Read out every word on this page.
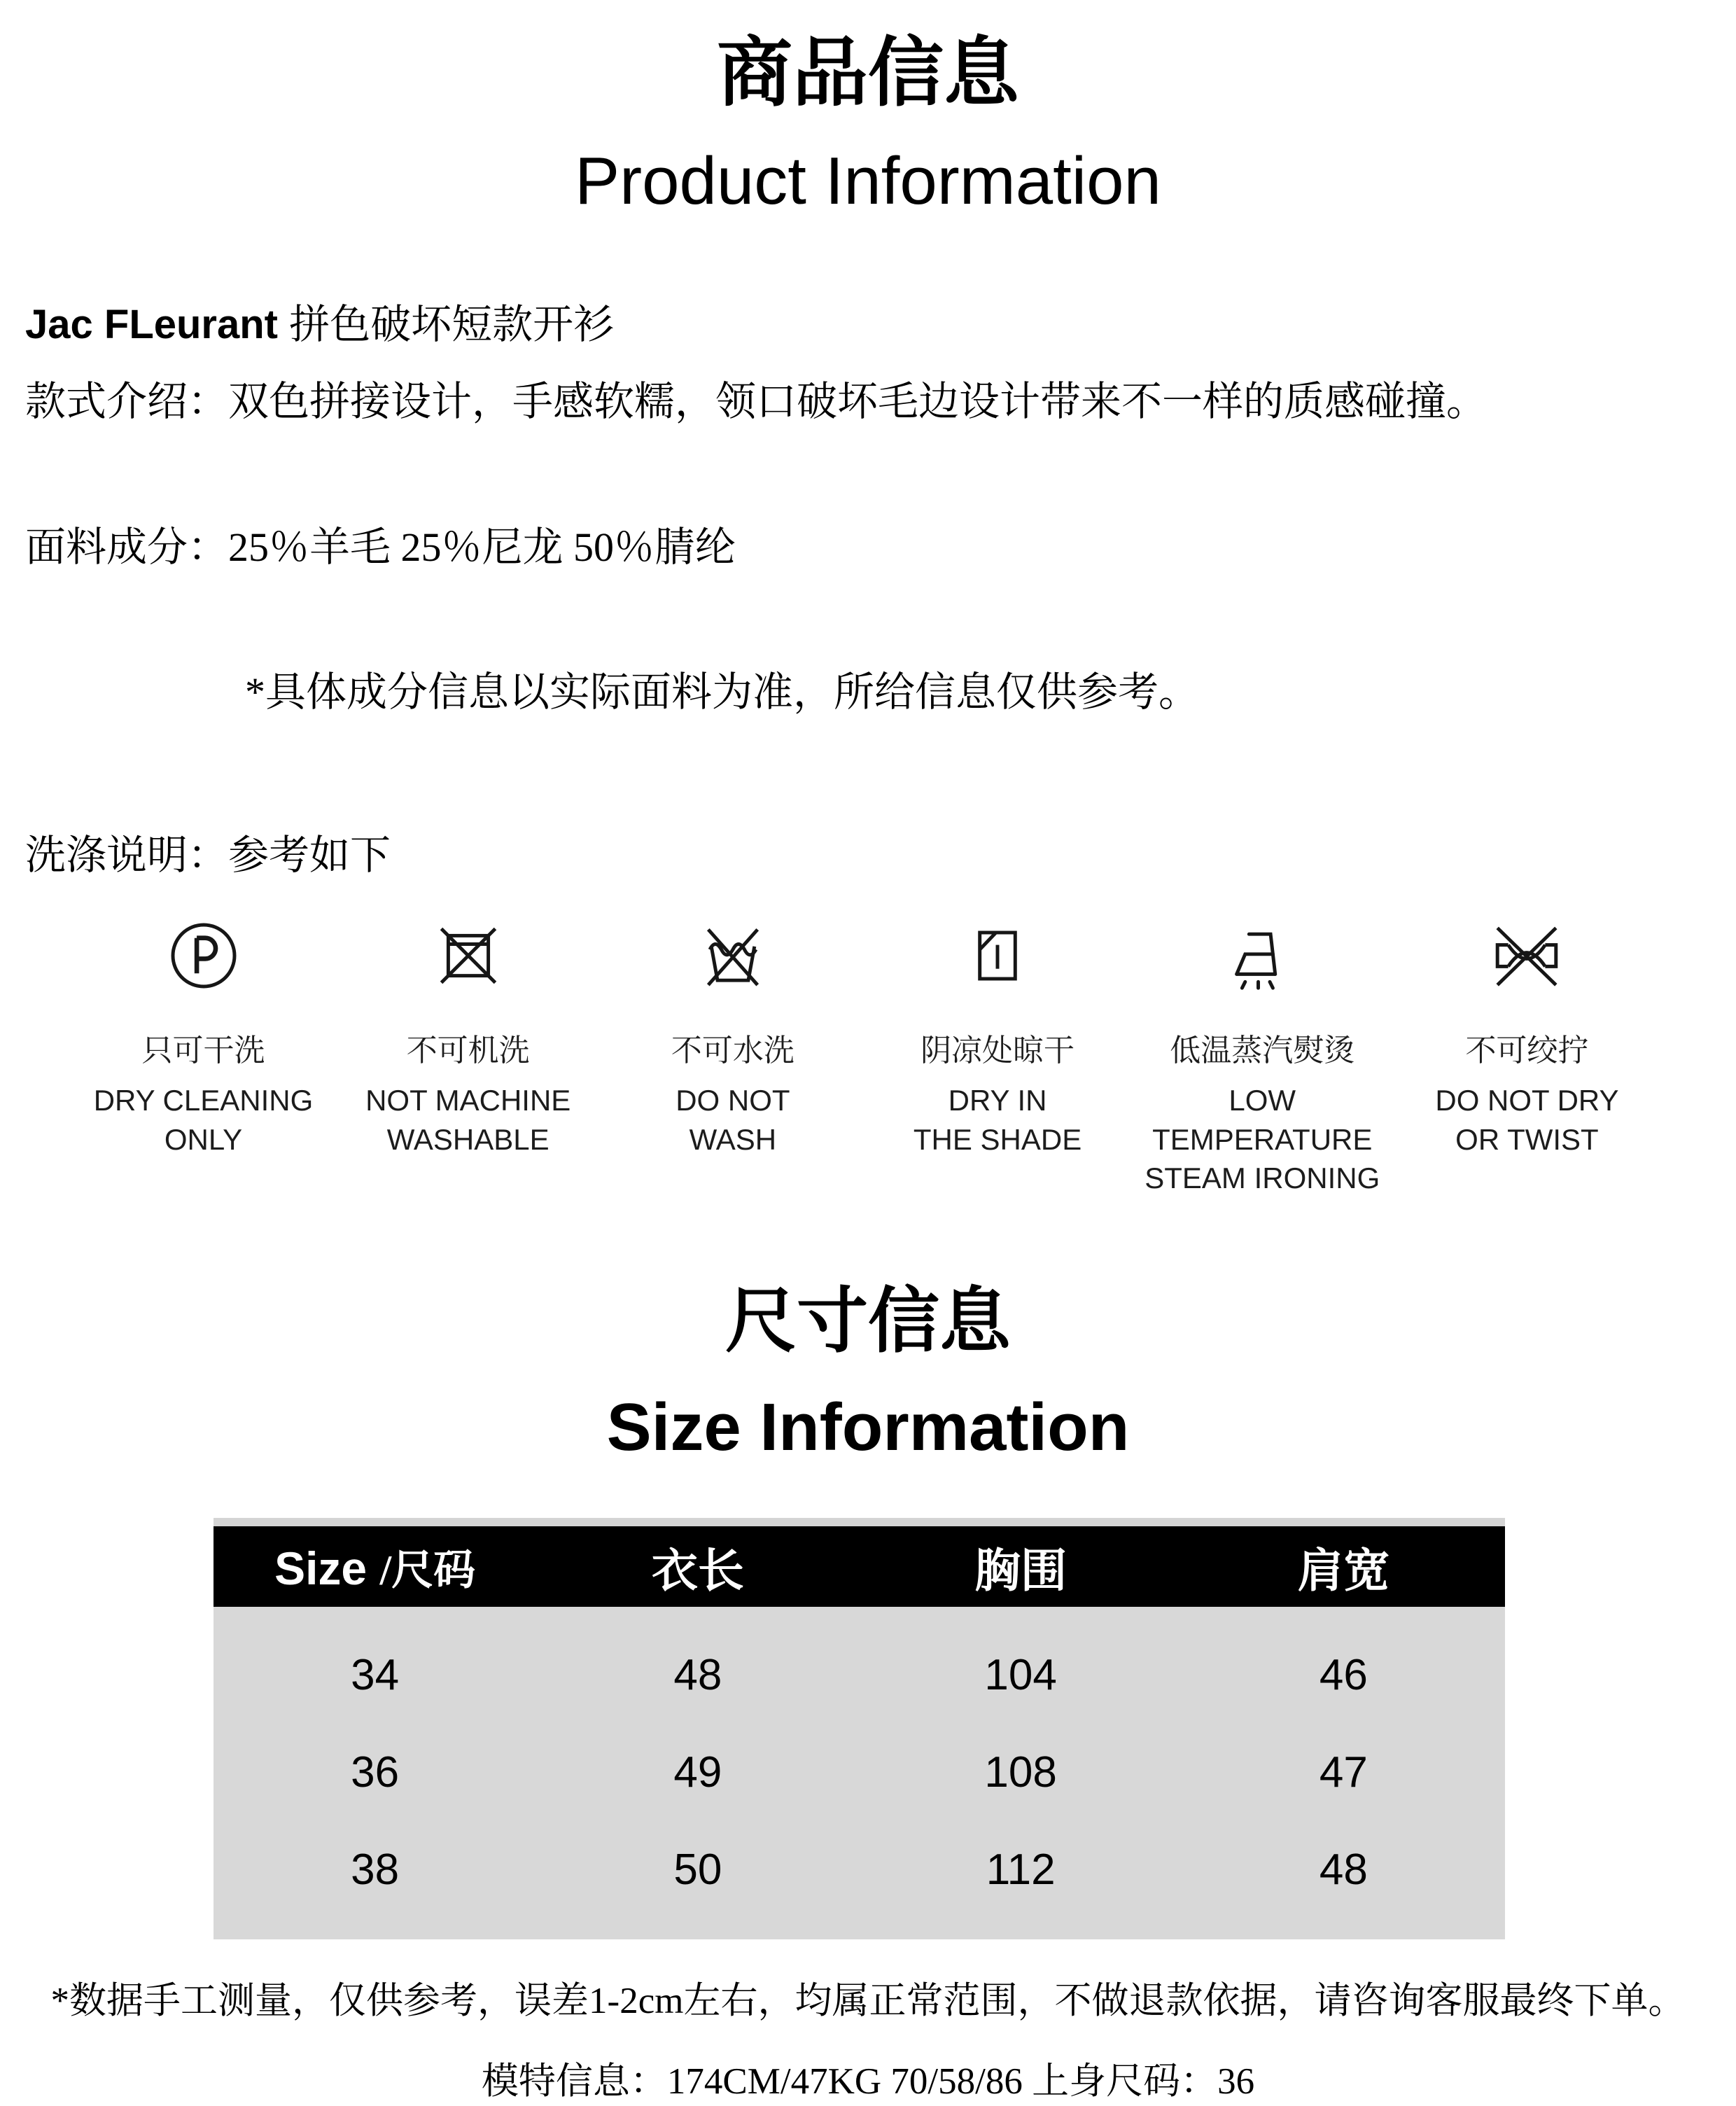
商品信息
Product Information
Jac FLeurant 拼色破坏短款开衫
款式介绍：双色拼接设计，手感软糯，领口破坏毛边设计带来不一样的质感碰撞。
面料成分：25％羊毛 25％尼龙 50％腈纶
*具体成分信息以实际面料为准，所给信息仅供参考。
洗涤说明：参考如下
只可干洗
DRY CLEANING
ONLY
不可机洗
NOT MACHINE
WASHABLE
不可水洗
DO NOT
WASH
阴凉处晾干
DRY IN
THE SHADE
低温蒸汽熨烫
LOW TEMPERATURE
STEAM IRONING
不可绞拧
DO NOT DRY
OR TWIST
尺寸信息
Size Information
Size /尺码	衣长	胸围	肩宽
34	48	104	46
36	49	108	47
38	50	112	48
*数据手工测量，仅供参考，误差1-2cm左右，均属正常范围，不做退款依据，请咨询客服最终下单。
模特信息：174CM/47KG 70/58/86 上身尺码：36
